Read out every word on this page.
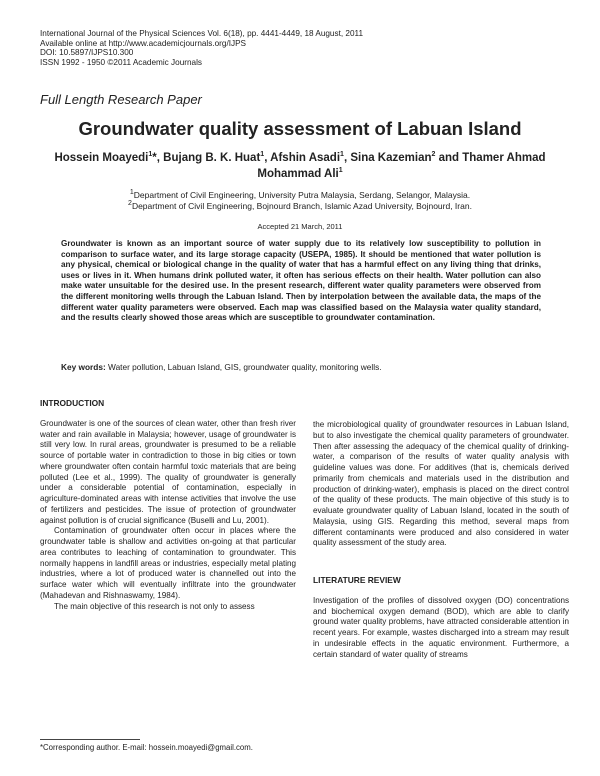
International Journal of the Physical Sciences Vol. 6(18), pp. 4441-4449, 18 August, 2011
Available online at http://www.academicjournals.org/IJPS
DOI: 10.5897/IJPS10.300
ISSN 1992 - 1950 ©2011 Academic Journals
Full Length Research Paper
Groundwater quality assessment of Labuan Island
Hossein Moayedi$^1$*, Bujang B. K. Huat$^1$, Afshin Asadi$^1$, Sina Kazemian$^2$ and Thamer Ahmad Mohammad Ali$^1$
$^1$Department of Civil Engineering, University Putra Malaysia, Serdang, Selangor, Malaysia.
$^2$Department of Civil Engineering, Bojnourd Branch, Islamic Azad University, Bojnourd, Iran.
Accepted 21 March, 2011
Groundwater is known as an important source of water supply due to its relatively low susceptibility to pollution in comparison to surface water, and its large storage capacity (USEPA, 1985). It should be mentioned that water pollution is any physical, chemical or biological change in the quality of water that has a harmful effect on any living thing that drinks, uses or lives in it. When humans drink polluted water, it often has serious effects on their health. Water pollution can also make water unsuitable for the desired use. In the present research, different water quality parameters were observed from the different monitoring wells through the Labuan Island. Then by interpolation between the available data, the maps of the different water quality parameters were observed. Each map was classified based on the Malaysia water quality standard, and the results clearly showed those areas which are susceptible to groundwater contamination.
Key words: Water pollution, Labuan Island, GIS, groundwater quality, monitoring wells.
INTRODUCTION

Groundwater is one of the sources of clean water, other than fresh river water and rain available in Malaysia; however, usage of groundwater is still very low. In rural areas, groundwater is presumed to be a reliable source of portable water in contradiction to those in big cities or town where groundwater often contain harmful toxic materials that are being polluted (Lee et al., 1999). The quality of groundwater is generally under a considerable potential of contamination, especially in agriculture-dominated areas with intense activities that involve the use of fertilizers and pesticides. The issue of protection of groundwater against pollution is of crucial significance (Buselli and Lu, 2001).

Contamination of groundwater often occur in places where the groundwater table is shallow and activities on-going at that particular area contributes to leaching of contamination to groundwater. This normally happens in landfill areas or industries, especially metal plating industries, where a lot of produced water is channelled out into the surface water which will eventually infiltrate into the groundwater (Mahadevan and Rishnaswamy, 1984).

The main objective of this research is not only to assess

the microbiological quality of groundwater resources in Labuan Island, but to also investigate the chemical quality parameters of groundwater. Then after assessing the adequacy of the chemical quality of drinking-water, a comparison of the results of water quality analysis with guideline values was done. For additives (that is, chemicals derived primarily from chemicals and materials used in the distribution and production of drinking-water), emphasis is placed on the direct control of the quality of these products. The main objective of this study is to evaluate groundwater quality of Labuan Island, located in the south of Malaysia, using GIS. Regarding this method, several maps from different contaminants were produced and also considered in water quality assessment of the study area.

LITERATURE REVIEW

Investigation of the profiles of dissolved oxygen (DO) concentrations and biochemical oxygen demand (BOD), which are able to clarify ground water quality problems, have attracted considerable attention in recent years. For example, wastes discharged into a stream may result in undesirable effects in the aquatic environment. Furthermore, a certain standard of water quality of streams

*Corresponding author. E-mail: hossein.moayedi@gmail.com.
